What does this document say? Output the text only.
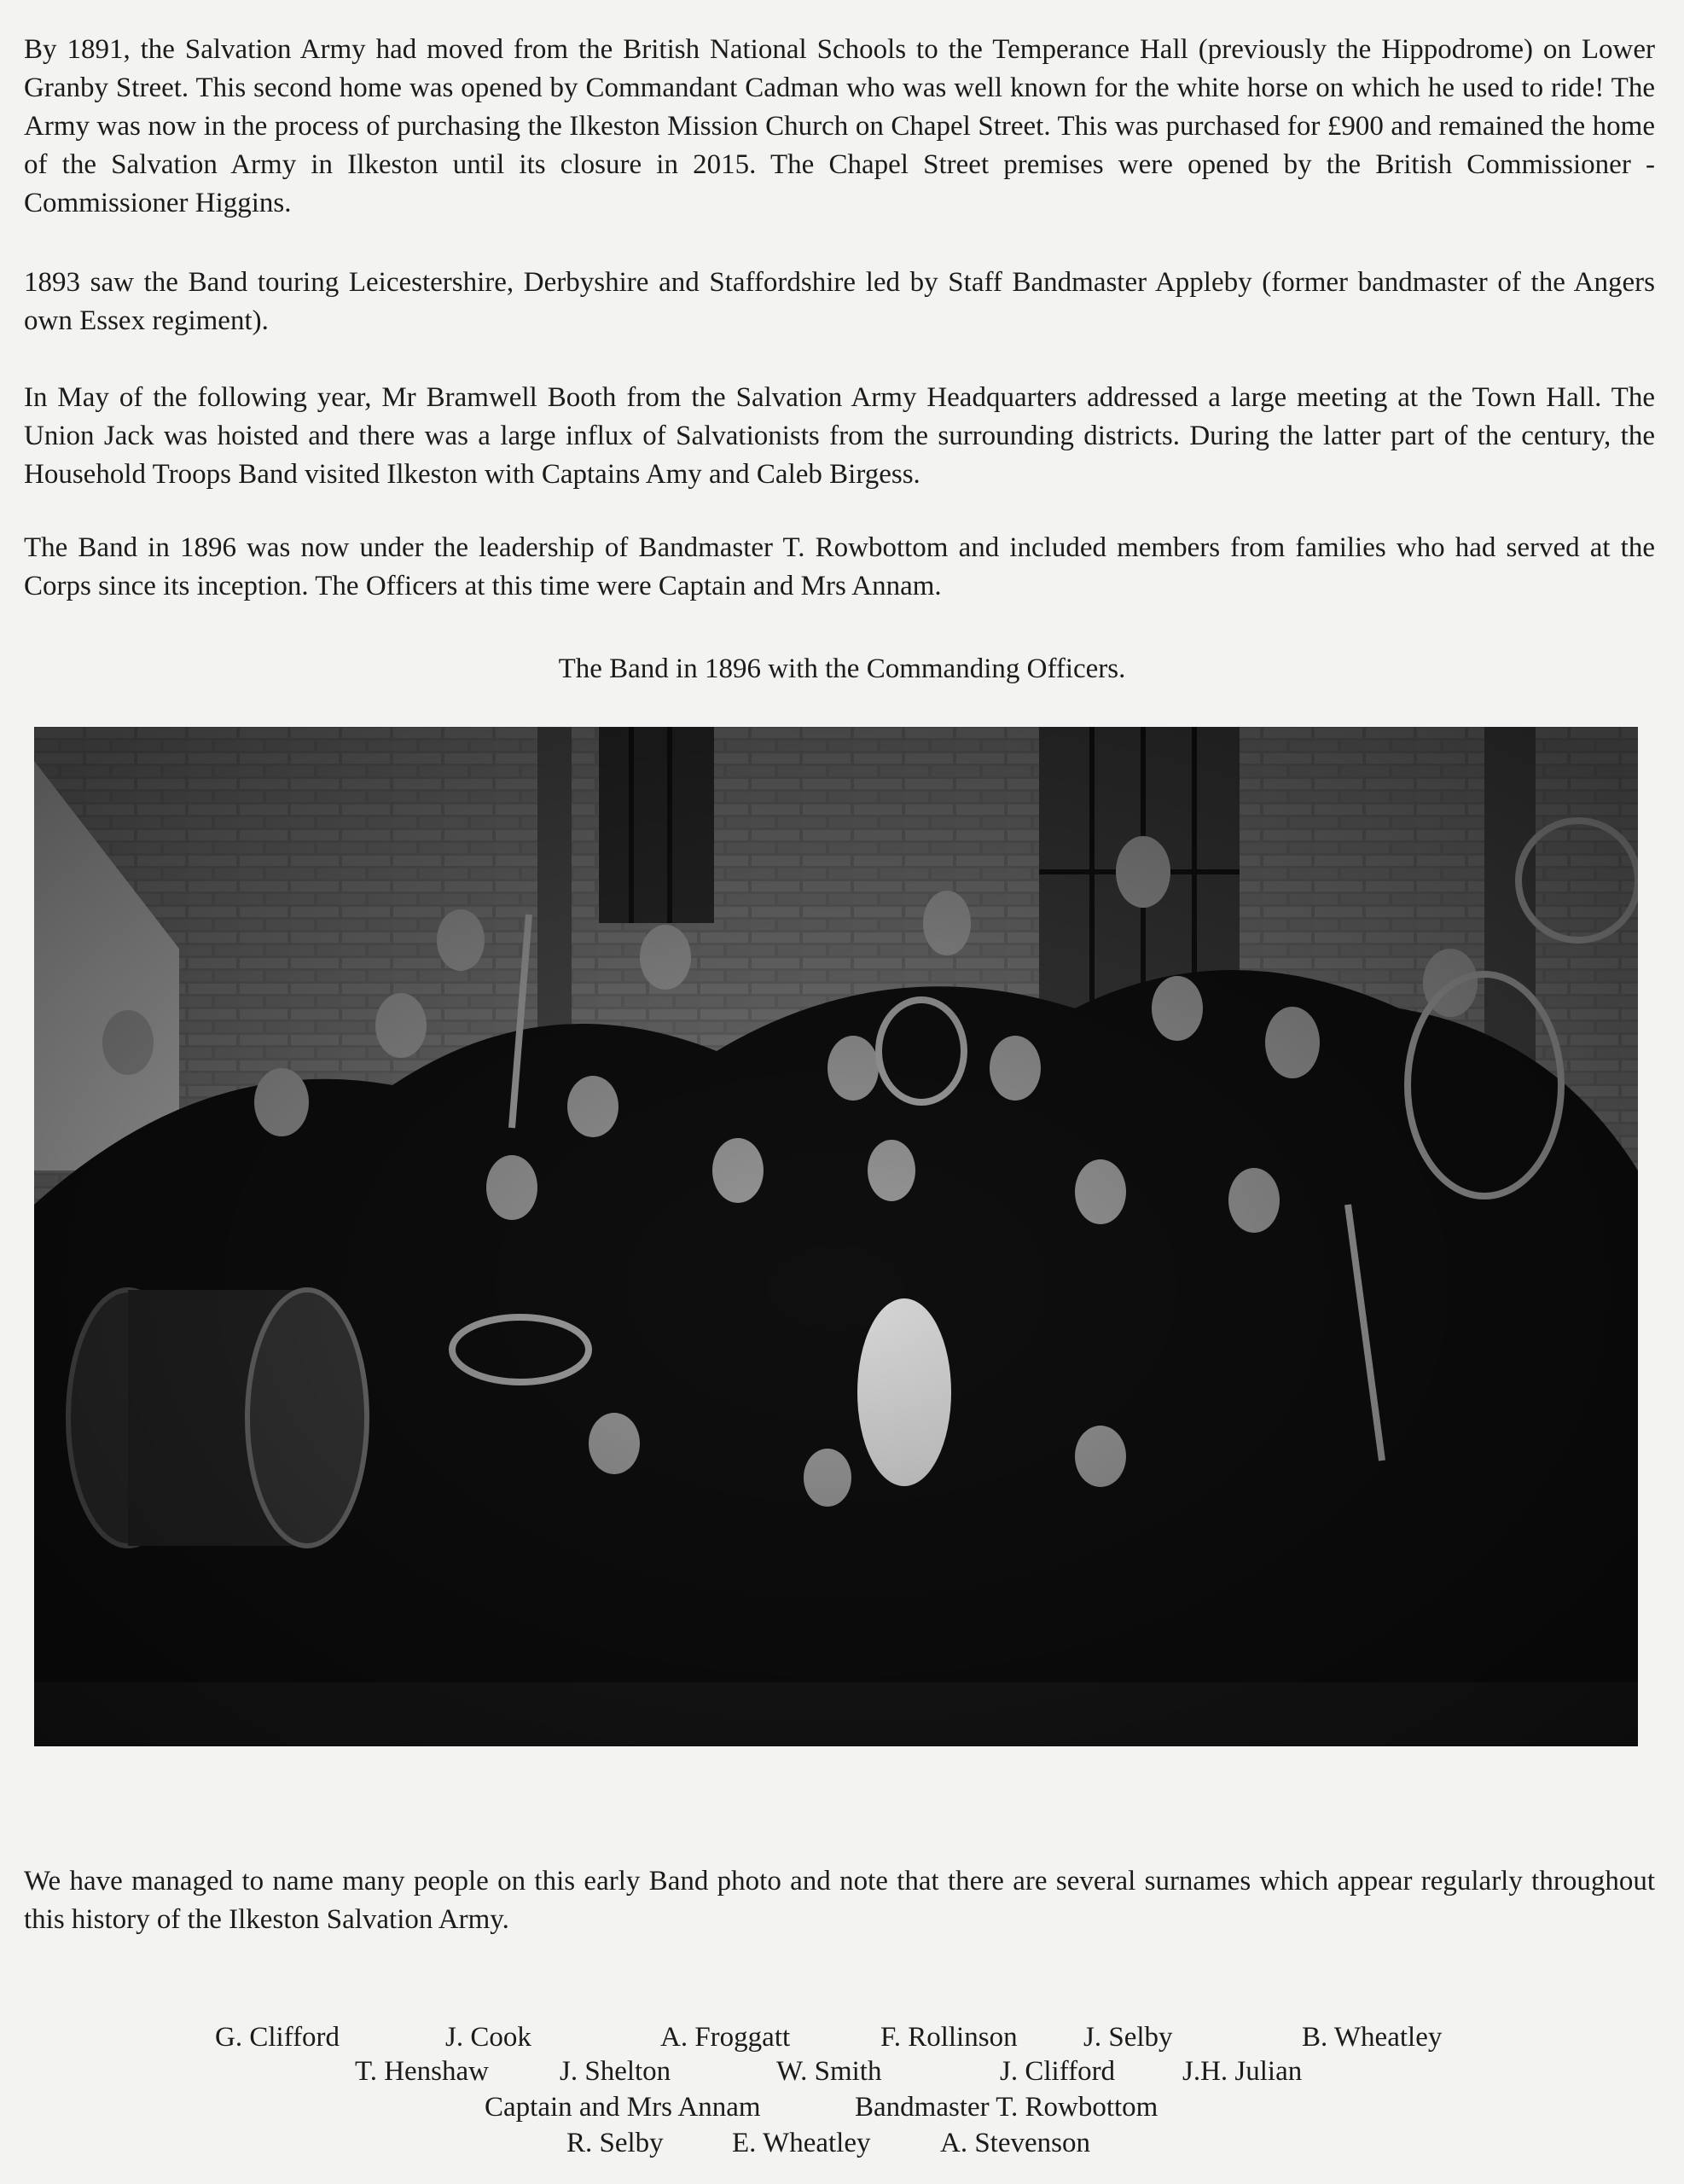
By 1891, the Salvation Army had moved from the British National Schools to the Temperance Hall (previously the Hippodrome) on Lower Granby Street. This second home was opened by Commandant Cadman who was well known for the white horse on which he used to ride! The Army was now in the process of purchasing the Ilkeston Mission Church on Chapel Street. This was purchased for £900 and remained the home of the Salvation Army in Ilkeston until its closure in 2015. The Chapel Street premises were opened by the British Commissioner - Commissioner Higgins.

1893 saw the Band touring Leicestershire, Derbyshire and Staffordshire led by Staff Bandmaster Appleby (former bandmaster of the Angers own Essex regiment).

In May of the following year, Mr Bramwell Booth from the Salvation Army Headquarters addressed a large meeting at the Town Hall. The Union Jack was hoisted and there was a large influx of Salvationists from the surrounding districts. During the latter part of the century, the Household Troops Band visited Ilkeston with Captains Amy and Caleb Birgess.

The Band in 1896 was now under the leadership of Bandmaster T. Rowbottom and included members from families who had served at the Corps since its inception. The Officers at this time were Captain and Mrs Annam.

The Band in 1896 with the Commanding Officers.

We have managed to name many people on this early Band photo and note that there are several surnames which appear regularly throughout this history of the Ilkeston Salvation Army.

G. Clifford	J. Cook	A. Froggatt	F. Rollinson J. Selby	B. Wheatley
T. Henshaw	J. Shelton	W. Smith	J. Clifford J.H. Julian
Captain and Mrs Annam	Bandmaster T. Rowbottom
R. Selby E. Wheatley A. Stevenson
